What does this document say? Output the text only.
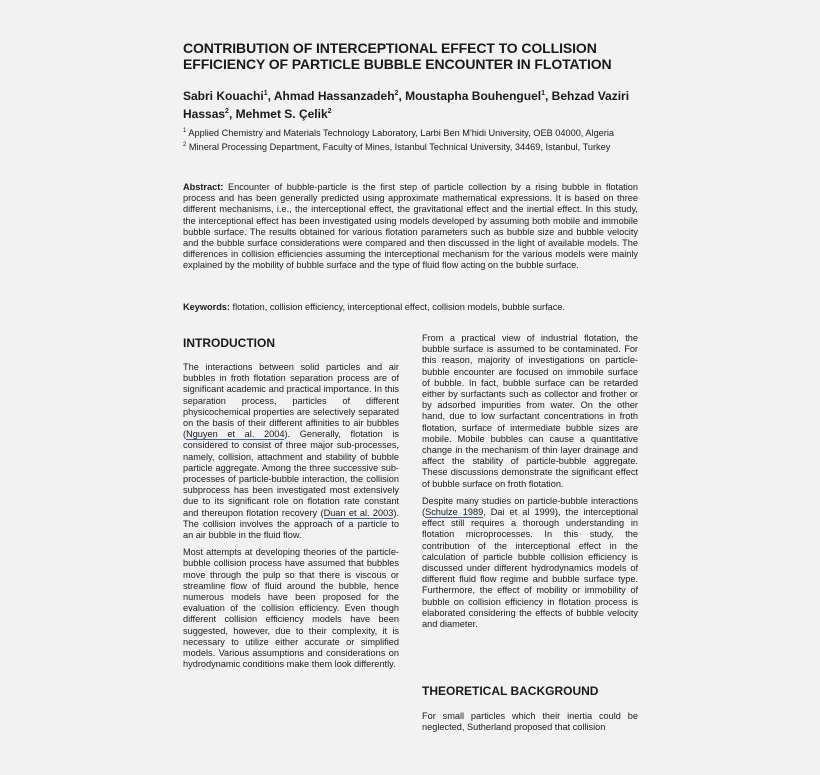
CONTRIBUTION OF INTERCEPTIONAL EFFECT TO COLLISION EFFICIENCY OF PARTICLE BUBBLE ENCOUNTER IN FLOTATION
Sabri Kouachi$^1$, Ahmad Hassanzadeh$^2$, Moustapha Bouhenguel$^1$, Behzad Vaziri Hassas$^2$, Mehmet S. Çelik$^2$

$^1$ Applied Chemistry and Materials Technology Laboratory, Larbi Ben M'hidi University, OEB 04000, Algeria

$^2$ Mineral Processing Department, Faculty of Mines, Istanbul Technical University, 34469, Istanbul, Turkey

Abstract: Encounter of bubble-particle is the first step of particle collection by a rising bubble in flotation process and has been generally predicted using approximate mathematical expressions. It is based on three different mechanisms, i.e., the interceptional effect, the gravitational effect and the inertial effect. In this study, the interceptional effect has been investigated using models developed by assuming both mobile and immobile bubble surface. The results obtained for various flotation parameters such as bubble size and bubble velocity and the bubble surface considerations were compared and then discussed in the light of available models. The differences in collision efficiencies assuming the interceptional mechanism for the various models were mainly explained by the mobility of bubble surface and the type of fluid flow acting on the bubble surface.
Keywords: flotation, collision efficiency, interceptional effect, collision models, bubble surface.
INTRODUCTION

The interactions between solid particles and air bubbles in froth flotation separation process are of significant academic and practical importance. In this separation process, particles of different physicochemical properties are selectively separated on the basis of their different affinities to air bubbles (Nguyen et al. 2004). Generally, flotation is considered to consist of three major sub-processes, namely, collision, attachment and stability of bubble particle aggregate. Among the three successive sub-processes of particle-bubble interaction, the collision subprocess has been investigated most extensively due to its significant role on flotation rate constant and thereupon flotation recovery (Duan et al. 2003). The collision involves the approach of a particle to an air bubble in the fluid flow.

Most attempts at developing theories of the particle-bubble collision process have assumed that bubbles move through the pulp so that there is viscous or streamline flow of fluid around the bubble, hence numerous models have been proposed for the evaluation of the collision efficiency. Even though different collision efficiency models have been suggested, however, due to their complexity, it is necessary to utilize either accurate or simplified models. Various assumptions and considerations on hydrodynamic conditions make them look differently.

From a practical view of industrial flotation, the bubble surface is assumed to be contaminated. For this reason, majority of investigations on particle-bubble encounter are focused on immobile surface of bubble. In fact, bubble surface can be retarded either by surfactants such as collector and frother or by adsorbed impurities from water. On the other hand, due to low surfactant concentrations in froth flotation, surface of intermediate bubble sizes are mobile. Mobile bubbles can cause a quantitative change in the mechanism of thin layer drainage and affect the stability of particle-bubble aggregate. These discussions demonstrate the significant effect of bubble surface on froth flotation.

Despite many studies on particle-bubble interactions (Schulze 1989, Dai et al 1999), the interceptional effect still requires a thorough understanding in flotation microprocesses. In this study, the contribution of the interceptional effect in the calculation of particle bubble collision efficiency is discussed under different hydrodynamics models of different fluid flow regime and bubble surface type. Furthermore, the effect of mobility or immobility of bubble on collision efficiency in flotation process is elaborated considering the effects of bubble velocity and diameter.

THEORETICAL BACKGROUND

For small particles which their inertia could be neglected, Sutherland proposed that collision
